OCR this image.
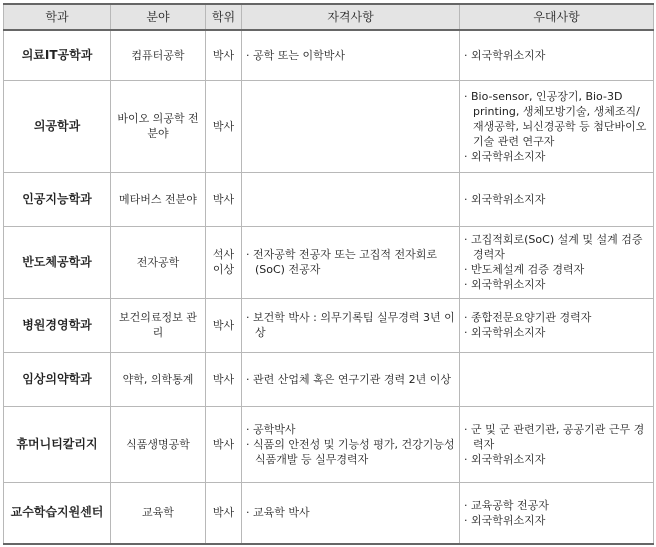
학과	분야	학위	자격사항	우대사항
의료IT공학과	컴퓨터공학	박사	· 공학 또는 이학박사	· 외국학위소지자

의공학과	바이오 의공학 전분야	박사		· Bio-sensor, 인공장기, Bio-3D printing, 생체모방기술, 생체조직/재생공학, 뇌신경공학 등 첨단바이오기술 관련 연구자
· 외국학위소지자

인공지능학과	메타버스 전분야	박사		· 외국학위소지자

반도체공학과	전자공학	석사 이상	· 전자공학 전공자 또는 고집적 전자회로(SoC) 전공자	· 고집적회로(SoC) 설계 및 설계 검증 경력자
· 반도체설계 검증 경력자
· 외국학위소지자

병원경영학과	보건의료정보 관리	박사	· 보건학 박사 : 의무기록팀 실무경력 3년 이상	· 종합전문요양기관 경력자
· 외국학위소지자

임상의약학과	약학, 의학통계	박사	· 관련 산업체 혹은 연구기관 경력 2년 이상

휴머니티칼리지	식품생명공학	박사	· 공학박사
· 식품의 안전성 및 기능성 평가, 건강기능성 식품개발 등 실무경력자	· 군 및 군 관련기관, 공공기관 근무 경력자
· 외국학위소지자

교수학습지원센터	교육학	박사	· 교육학 박사	· 교육공학 전공자
· 외국학위소지자
